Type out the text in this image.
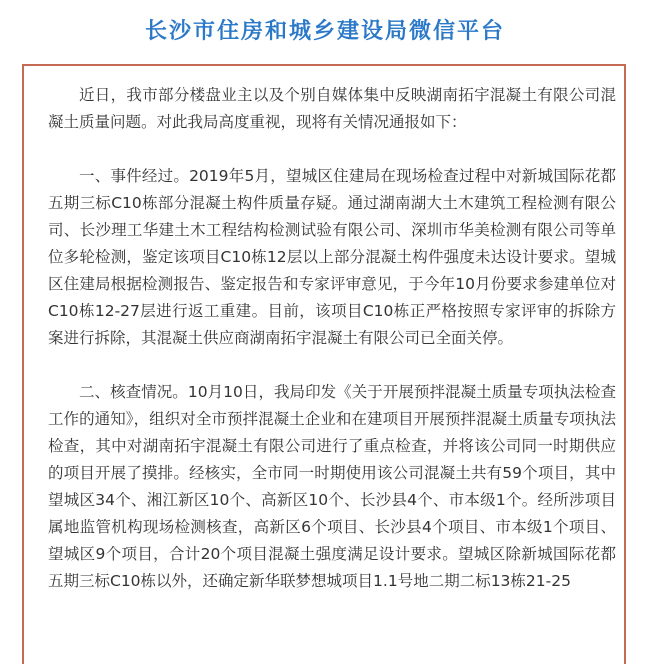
长沙市住房和城乡建设局微信平台

近日，我市部分楼盘业主以及个别自媒体集中反映湖南拓宇混凝土有限公司混凝土质量问题。对此我局高度重视，现将有关情况通报如下：

一、事件经过。2019年5月，望城区住建局在现场检查过程中对新城国际花都五期三标C10栋部分混凝土构件质量存疑。通过湖南湖大土木建筑工程检测有限公司、长沙理工华建土木工程结构检测试验有限公司、深圳市华美检测有限公司等单位多轮检测，鉴定该项目C10栋12层以上部分混凝土构件强度未达设计要求。望城区住建局根据检测报告、鉴定报告和专家评审意见，于今年10月份要求参建单位对C10栋12-27层进行返工重建。目前，该项目C10栋正严格按照专家评审的拆除方案进行拆除，其混凝土供应商湖南拓宇混凝土有限公司已全面关停。

二、核查情况。10月10日，我局印发《关于开展预拌混凝土质量专项执法检查工作的通知》，组织对全市预拌混凝土企业和在建项目开展预拌混凝土质量专项执法检查，其中对湖南拓宇混凝土有限公司进行了重点检查，并将该公司同一时期供应的项目开展了摸排。经核实，全市同一时期使用该公司混凝土共有59个项目，其中望城区34个、湘江新区10个、高新区10个、长沙县4个、市本级1个。经所涉项目属地监管机构现场检测核查，高新区6个项目、长沙县4个项目、市本级1个项目、望城区9个项目，合计20个项目混凝土强度满足设计要求。望城区除新城国际花都五期三标C10栋以外，还确定新华联梦想城项目1.1号地二期二标13栋21-25
